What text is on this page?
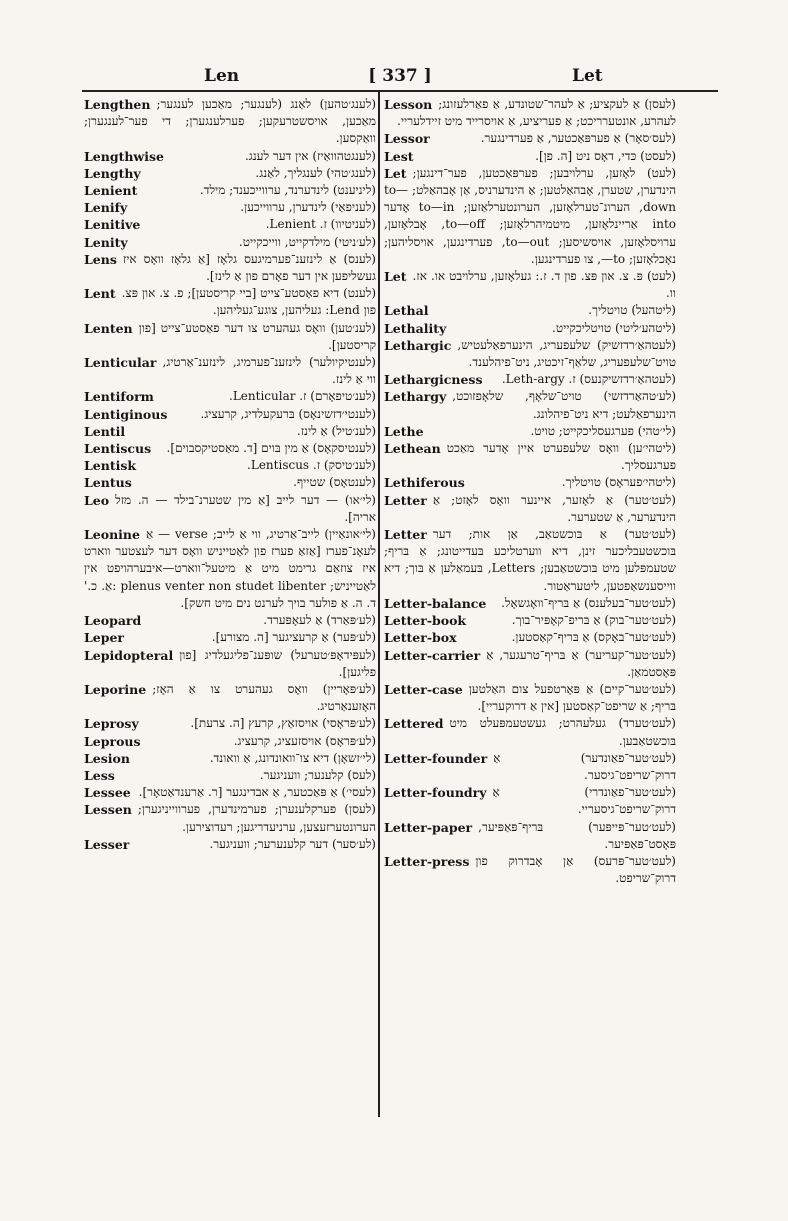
Len	[ 337 ]	Let

Lengthen	(לענג׳טהען) לאַנג (לענגער; מאַכען לענגער; מאַכען, אויסשטרעקען; פערלענגערן; די פער־לענגערן; וואַקסען.

Lengthwise	(לענגטהוואַיז) אין דער לענג.

Lengthy	(לענג׳טהי) לענגליך, לאַנג.

Lenient	(ליניענט) לינדערנד, ערווייכענד; מילד.

Lenify	(לעניפאַי) לינדערן, ערווייכען.

Lenitive	(לעניטיוו) ז. Lenient.

Lenity	(לע׳ניטי) מילדקייט, ווייכקייט.

Lens	(לענס) אַ לינזענ־פערמיגעס גלאָז [אַ גלאָז וואָס איז געשליפען אין דער פאָרם פון אַ לינז].

Lent	(לענט) דיא פאַסטע־צייט [ביי קריסטען]; פ. צ. און פּצ. פון Lend: געליהען, צוגע־געליהען.

Lenten	(לענ׳טען) וואָס געהערט צו דער פאַסטע־צייט [פון קריסטען].

Lenticular	(לענטיקיולער) לינזענ־פערמיג, לינזענ־אַרטיג, ווי אַ לינז.

Lentiform	(לענ׳טיפאָרם) ז. Lenticular.

Lentiginous	(לענטי׳דזשינאָס) בּרעקעלדיג, קרעציג.

Lentil	(לענ׳טיל) אַ לינז.

Lentiscus	(לענטיסקאָס) אַ מין בּוים [ד. מאַסטיקסבוים].

Lentisk	(לענ׳טיסק) ז. Lentiscus.

Lentus	(לענטאָס) שטייף.

Leo	(לי׳או) — דער לייב [אַ מין שטערנ־בילד — ה. מזל אריה].

Leonine	(לי׳אונאַיין) לייב־אַרטיג, ווי אַ לייב; verse — אַ לעאָנ־פערז [אַזאַ פערז פון לאַטייניש וואָס דער לעצטער ווארט איז צוזאַם גרימט מיט אַ מיטעל־ווארט—איבערהויפט אין לאַטייניש; plenus venter non studet libenter :אַ. כ.' ד. ה. אַ פולער בויך לערנט נים מיט חשק].

Leopard	(לע׳פּאַרד) אַ לעאָפּערד.

Leper	(לע׳פּער) אַ קרעציגער [ה. מצורע].

Lepidopteral	(לעפּידאָפּ׳טערעל) שופּענ־פליגעלדיג [פון פליגען].

Leporine	(לע׳פּאָריין) וואָס געהערט צו אַ האָז; האָזענאַרטיג.

Leprosy	(לע׳פּראָסי) אויסזאַץ, קרעץ [ה. צרעת].

Leprous	(לע׳פּראָס) אויסזעציג, קרעציג.

Lesion	(לי׳זשאָן) דיא צו־וואונדונג, אַ וואונד.

Less	(לעס) קלענער; וועניגער.

Lessee	(לעסי׳) אַ פּאַכטער, אַ אבדינגער [ר. אַרענדאַטאָר].

Lessen	(לעסן) פערקלענערן; פערמינדערן, פערווייניגערן; הערונטערזעצען, ערניעדריגען; רעדוצירען.

Lesser	(לע׳סער) דער קלענערער; וועניגער.

Lesson	(לעסן) אַ לעקציע; אַ לעהר־שטונדע, אַ פאַרלעזונג; לעהרע, אונטערריכט; אַ פעריציע, אַ אויסרייד מיט זיידלעריי.

Lessor	(לעס׳סאָר) אַ פערפּאַכטער, אַ פערדינגער.

Lest	(לעסט) כּדי, דאָס ניט [ה. פן].

Let	(לעט) לאָזען, ערלויבען; פערפּאַכטען, פער־דינגען; הינדערן, שטערן, אָבהאַלטען; אַ הינדערניס, אַן אָבהאַלט; to—down, הערונ־טערלאָזען, הערונטערלאַזען; to—in אָדער into אַריינלאָזען, מיטמיהרלאָזען; to—off, אָבלאָזען, ערויסלאָזען, אויסשיסען; to—out, פערדינגען, אויסליהען; נאָכלאָזען; to—, צו פערדינגען.

Let	(לעט) פּ. צ. און פּצ. פון ד. ז.: געלאָזען, ערלויבט או. אז. וו.

Lethal	(ליטהעל) טויטליך.

Lethality	(ליטהע׳ליטי) טויטליכקייט.

Lethargic	(לעטהאַ׳רדזשיק) שלעפעריג, הינערפאַלעטיש, טויט־שלעפעריג, שלאַף־זיכטיג, ניט־פיהלענד.

Lethargicness	(לעטהאַ׳רדזשיקנעס) ז. Leth-argy.

Lethargy	(לע׳טהאַרדזשי) טויט־שלאָף, שלאָפזוכט, הינערפאַלעט; דיא ניט־פיהלונג.

Lethe	(לי׳טהי) פערגעסליכקייט; טויט.

Lethean	(ליטהי׳ען) וואָס שלעפערט איין אָדער מאַכט פערגעסליך.

Lethiferous	(ליטהי׳פעראָס) טויטליך.

Letter	(לעט׳טער) אַ לאָזער, איינער וואָס לאָזט; אַ הינדערער, אַ שטערער.

Letter	(לעט׳טער) אַ בּוכשטאַב, אַן אות; דער בּוכשטעבליכער זינן, דיא ווערטליכע בּעדייטונג; אַ בּריף; שטעמפּלען מיט בּוכשטאַבען; Letters, בּעמאַלען אַ בּוך; דיא ווייסענשאַפטען, ליטעראַטור.

Letter-balance	(לעט׳טער־בעלענס) אַ בּריף־וואָגשאָל.

Letter-book	(לעט׳טער־בוק) אַ בּריפ־קאָפּיר־בוך.

Letter-box	(לעט׳טער־באָקס) אַ בּריף־קאַסטען.

Letter-carrier	(לעט׳טער־קעריער) אַ בּריף־טרעגער, אַ פּאָסטמאַן.

Letter-case	(לעט׳טער־קיים) אַ פּאָרטפעל צום האַלטען בּריף; אַ שריפט־קאַסטען [אין אַ דרוקעריי].

Lettered	(לעט׳טערד) געלעהרט; געשטעמפּעלט מיט בּוכשטאַבען.

Letter-founder	(לעט׳טער־פאַונדער) אַ דרוק־שריפט־גיסער.

Letter-foundry	(לעט׳טער־פאַונדרי) אַ דרוק־שריפט־גיסעריי.

Letter-paper	(לעט׳טער־פּייפּער) בּריף־פּאַפּיער, פּאָסט־פּאַפּיער.

Letter-press	(לעט׳טער־פּרעס) אַן אָבדרוק פון דרוק־שריפט.
